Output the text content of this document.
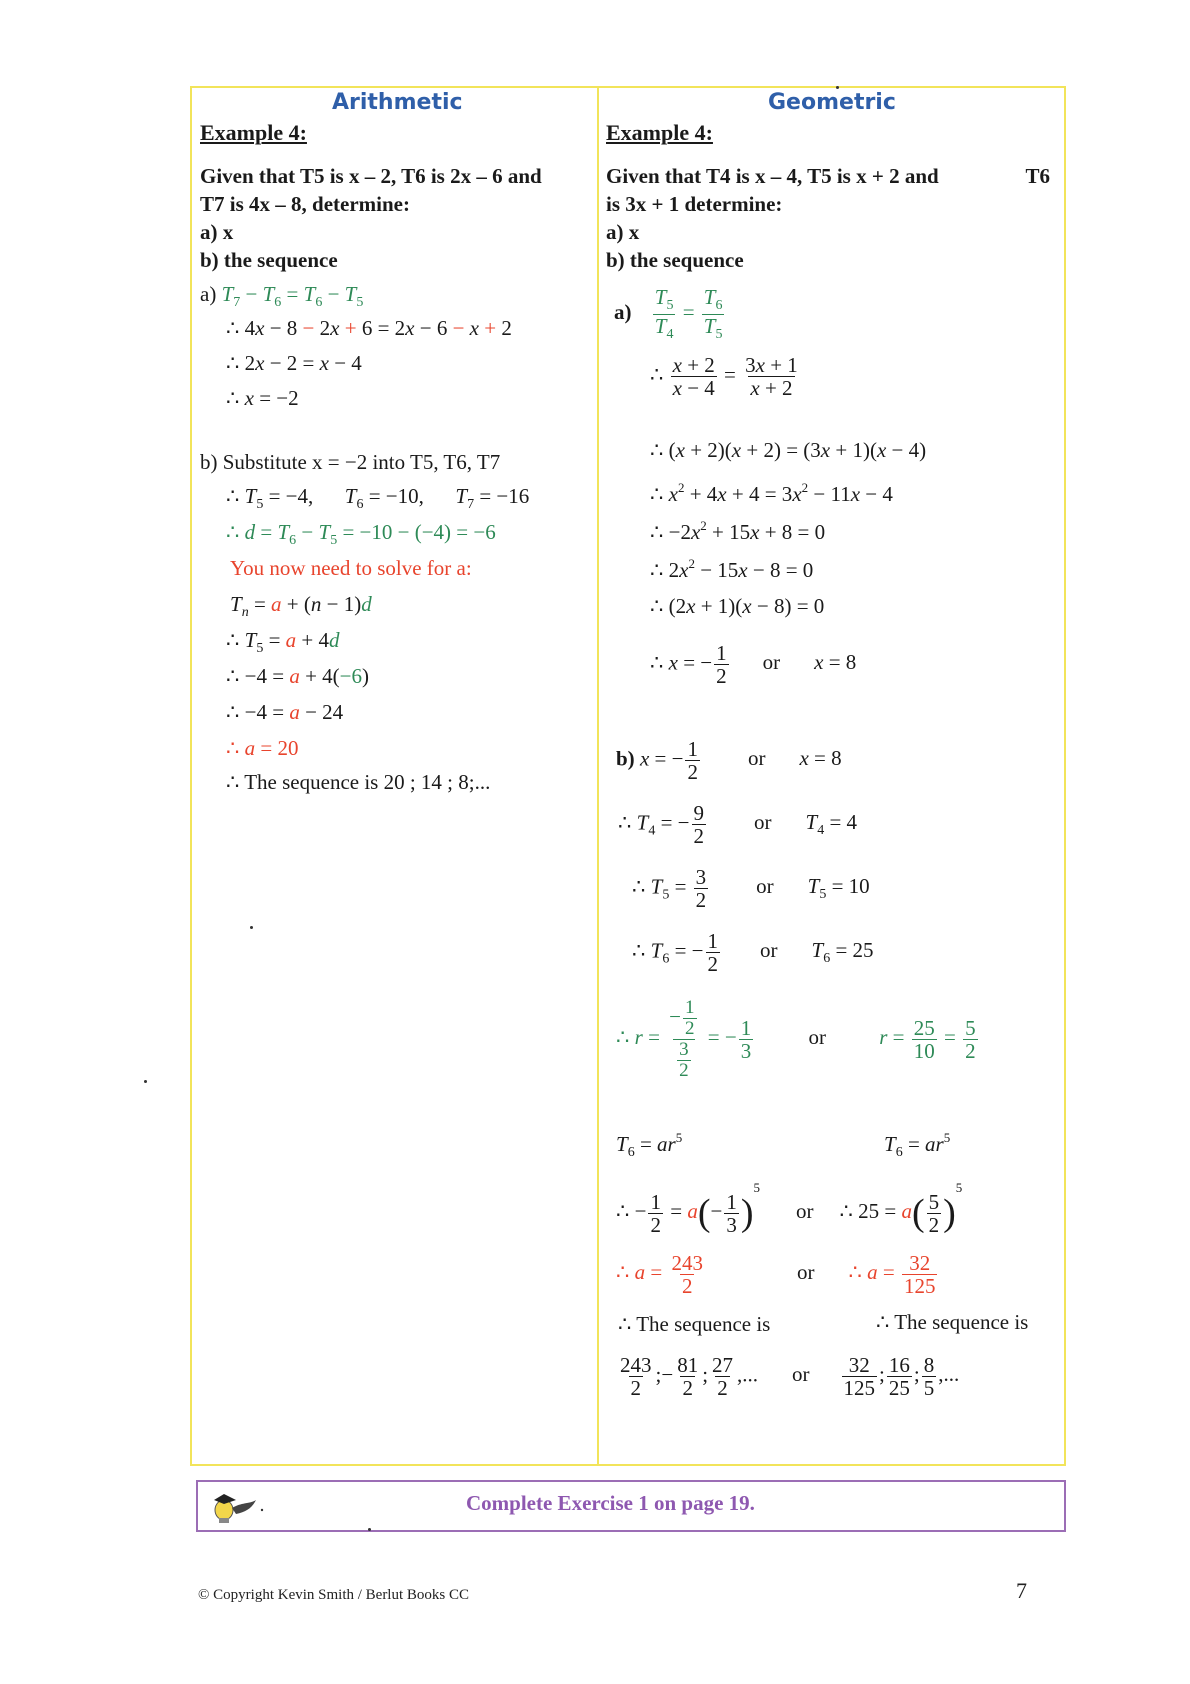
Arithmetic
Example 4:
Given that T5 is x – 2, T6 is 2x – 6 and
T7 is 4x – 8, determine:
a) x
b) the sequence
a) $T_7 - T_6 = T_6 - T_5$
∴ 4x − 8 − 2x + 6 = 2x − 6 − x + 2
∴ 2x − 2 = x − 4
∴ x = −2
b) Substitute x = −2 into T5, T6, T7
∴ $T_5 = -4$,      $T_6 = -10$,      $T_7 = -16$
∴ $d = T_6 - T_5 = -10 - (-4) = -6$
You now need to solve for a:
$T_n = a + (n - 1)d$
∴ $T_5 = a + 4d$
∴ −4 = a + 4(−6)
∴ −4 = a − 24
∴ a = 20
∴ The sequence is 20 ; 14 ; 8;...
Geometric
Example 4:
Given that T4 is x – 4, T5 is x + 2 and	T6
is 3x + 1 determine:
a) x
b) the sequence
$a) \frac{T_5}{T_4} = \frac{T_6}{T_5}$
∴ $\frac{x + 2}{x - 4} = \frac{3x + 1}{x + 2}$
∴ (x + 2)(x + 2) = (3x + 1)(x − 4)
∴ $x^2 + 4x + 4 = 3x^2 - 11x - 4$
∴ $-2x^2 + 15x + 8 = 0$
∴ $2x^2 - 15x - 8 = 0$
∴ (2x + 1)(x − 8) = 0
∴ x = − $\frac{1}{2}$ or x = 8
b) x = − $\frac{1}{2}$ or x = 8
∴ $T_4$ = − $\frac{9}{2}$ or $T_4 = 4$
∴ $T_5 = \frac{3}{2}$ or $T_5 = 10$
∴ $T_6$ = − $\frac{1}{2}$ or $T_6 = 25$
∴ $r = \frac{- \frac{1}{2}}{\frac{3}{2}}$ = − $\frac{1}{3}$	or	$r = \frac{25}{10} = \frac{5}{2}$
$T_6 = ar^5$	$T_6 = ar^5$
∴ − $\frac{1}{2} = a(- \frac{1}{3} )^5or$ ∴ $25 = a( \frac{5}{2} )^5$
∴ $a = \frac{243}{2}$	or ∴ $a = \frac{32}{125}$
∴ The sequence is	∴ The sequence is
$\frac{243}{2}$ ;− $\frac{81}{2}$ ; $\frac{27}{2}$ ,... or $\frac{32}{125}$ ; $\frac{16}{25}$ ; $\frac{8}{5}$ ,...
Complete Exercise 1 on page 19.
© Copyright Kevin Smith / Berlut Books CC	7
